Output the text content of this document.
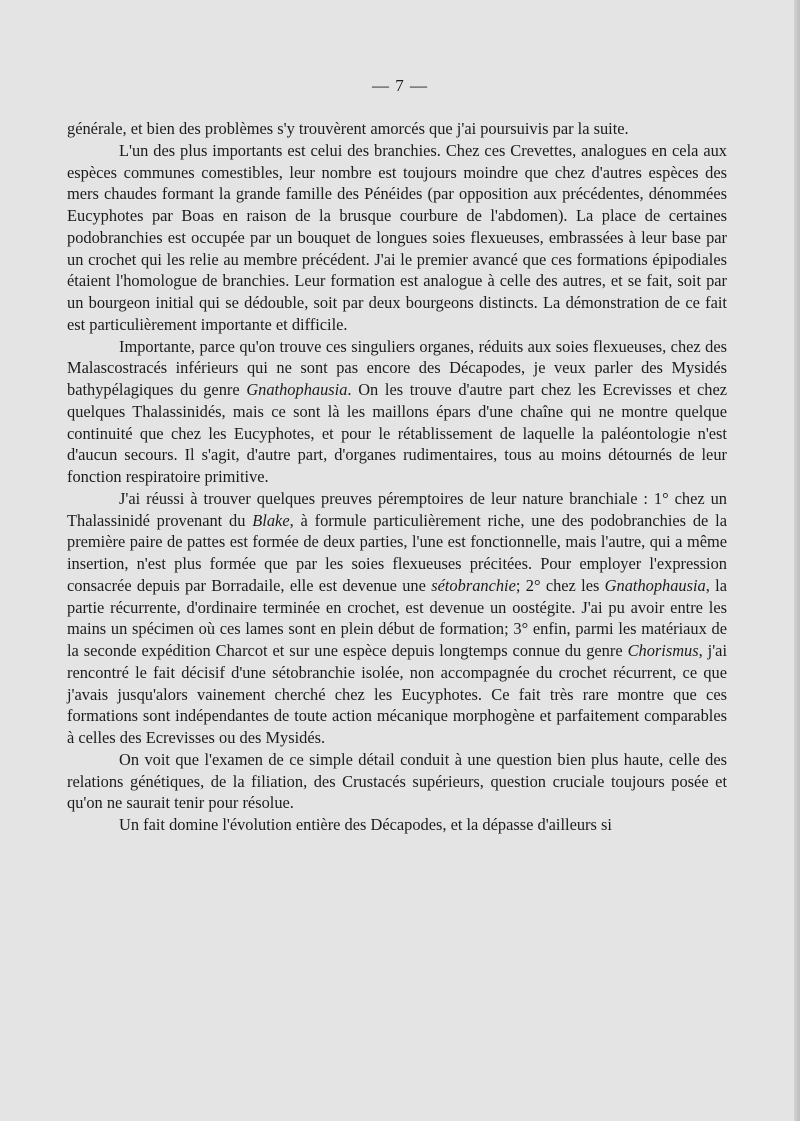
— 7 —

générale, et bien des problèmes s'y trouvèrent amorcés que j'ai poursuivis par la suite.

L'un des plus importants est celui des branchies. Chez ces Crevettes, analogues en cela aux espèces communes comestibles, leur nombre est toujours moindre que chez d'autres espèces des mers chaudes formant la grande famille des Pénéides (par opposition aux précédentes, dénommées Eucyphotes par Boas en raison de la brusque courbure de l'abdomen). La place de certaines podobranchies est occupée par un bouquet de longues soies flexueuses, embrassées à leur base par un crochet qui les relie au membre précédent. J'ai le premier avancé que ces formations épipodiales étaient l'homologue de branchies. Leur formation est analogue à celle des autres, et se fait, soit par un bourgeon initial qui se dédouble, soit par deux bourgeons distincts. La démonstration de ce fait est particulièrement importante et difficile.

Importante, parce qu'on trouve ces singuliers organes, réduits aux soies flexueuses, chez des Malascostracés inférieurs qui ne sont pas encore des Décapodes, je veux parler des Mysidés bathypélagiques du genre Gnathophausia. On les trouve d'autre part chez les Ecrevisses et chez quelques Thalassinidés, mais ce sont là les maillons épars d'une chaîne qui ne montre quelque continuité que chez les Eucyphotes, et pour le rétablissement de laquelle la paléontologie n'est d'aucun secours. Il s'agit, d'autre part, d'organes rudimentaires, tous au moins détournés de leur fonction respiratoire primitive.

J'ai réussi à trouver quelques preuves péremptoires de leur nature branchiale : 1° chez un Thalassinidé provenant du Blake, à formule particulièrement riche, une des podobranchies de la première paire de pattes est formée de deux parties, l'une est fonctionnelle, mais l'autre, qui a même insertion, n'est plus formée que par les soies flexueuses précitées. Pour employer l'expression consacrée depuis par Borradaile, elle est devenue une sétobranchie; 2° chez les Gnathophausia, la partie récurrente, d'ordinaire terminée en crochet, est devenue un oostégite. J'ai pu avoir entre les mains un spécimen où ces lames sont en plein début de formation; 3° enfin, parmi les matériaux de la seconde expédition Charcot et sur une espèce depuis longtemps connue du genre Chorismus, j'ai rencontré le fait décisif d'une sétobranchie isolée, non accompagnée du crochet récurrent, ce que j'avais jusqu'alors vainement cherché chez les Eucyphotes. Ce fait très rare montre que ces formations sont indépendantes de toute action mécanique morphogène et parfaitement comparables à celles des Ecrevisses ou des Mysidés.

On voit que l'examen de ce simple détail conduit à une question bien plus haute, celle des relations génétiques, de la filiation, des Crustacés supérieurs, question cruciale toujours posée et qu'on ne saurait tenir pour résolue.

Un fait domine l'évolution entière des Décapodes, et la dépasse d'ailleurs si
